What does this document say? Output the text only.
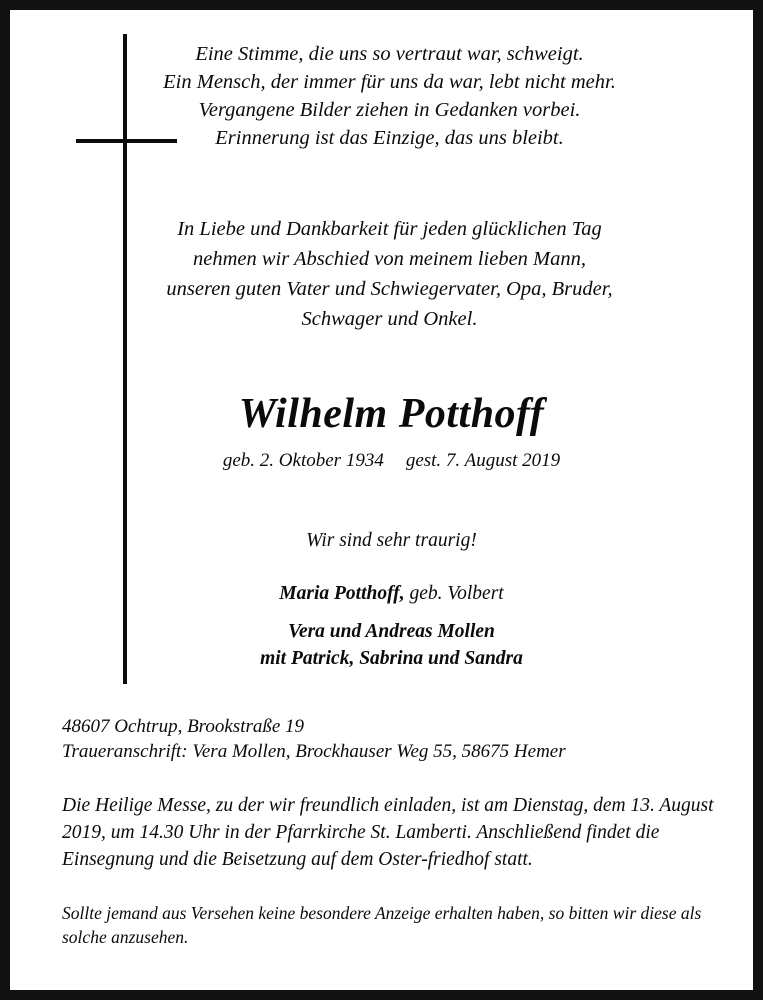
Eine Stimme, die uns so vertraut war, schweigt.
Ein Mensch, der immer für uns da war, lebt nicht mehr.
Vergangene Bilder ziehen in Gedanken vorbei.
Erinnerung ist das Einzige, das uns bleibt.
In Liebe und Dankbarkeit für jeden glücklichen Tag
nehmen wir Abschied von meinem lieben Mann,
unseren guten Vater und Schwiegervater, Opa, Bruder,
Schwager und Onkel.
Wilhelm Potthoff
geb. 2. Oktober 1934 gest. 7. August 2019
Wir sind sehr traurig!
Maria Potthoff, geb. Volbert
Vera und Andreas Mollen
mit Patrick, Sabrina und Sandra
48607 Ochtrup, Brookstraße 19
Traueranschrift: Vera Mollen, Brockhauser Weg 55, 58675 Hemer
Die Heilige Messe, zu der wir freundlich einladen, ist am Dienstag, dem 13. August 2019, um 14.30 Uhr in der Pfarrkirche St. Lamberti. Anschließend findet die Einsegnung und die Beisetzung auf dem Oster-friedhof statt.
Sollte jemand aus Versehen keine besondere Anzeige erhalten haben, so bitten wir diese als solche anzusehen.
